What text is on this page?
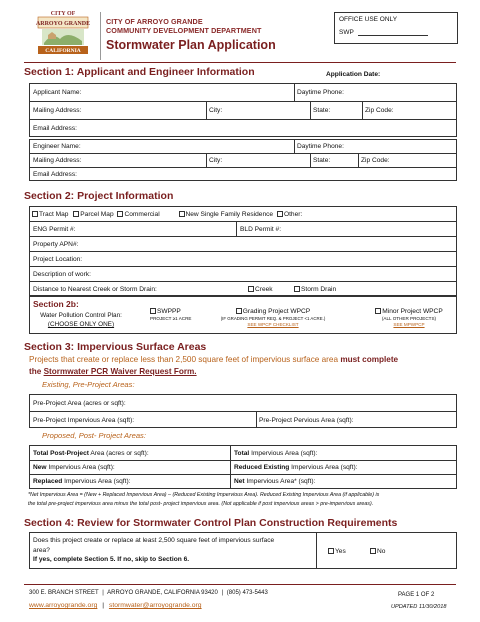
CITY OF
ARROYO GRANDE
CALIFORNIA
CITY OF ARROYO GRANDE
COMMUNITY DEVELOPMENT DEPARTMENT
Stormwater Plan Application
OFFICE USE ONLY
SWP
Section 1: Applicant and Engineer Information	Application Date:
Applicant Name:	Daytime Phone:
Mailing Address:	City:	State:	Zip Code:
Email Address:
Engineer Name:	Daytime Phone:
Mailing Address:	City:	State:	Zip Code:
Email Address:
Section 2: Project Information
Tract Map Parcel Map Commercial	New Single Family Residence Other:
ENG Permit #:	BLD Permit #:
Property APN#:
Project Location:
Description of work:
Distance to Nearest Creek or Storm Drain:	Creek	Storm Drain
Section 2b:
Water Pollution Control Plan:
(CHOOSE ONLY ONE)
SWPPP
PROJECT ≥1 ACRE
Grading Project WPCP
(IF GRADING PERMIT REQ. & PROJECT <1 ACRE.)
SEE WPCP CHECKLIST
Minor Project WPCP
(ALL OTHER PROJECTS)
SEE MPWPCP
Section 3: Impervious Surface Areas
Projects that create or replace less than 2,500 square feet of impervious surface area must complete
the Stormwater PCR Waiver Request Form.
Existing, Pre-Project Areas:
Pre-Project Area (acres or sqft):
Pre-Project Impervious Area (sqft):	Pre-Project Pervious Area (sqft):
Proposed, Post- Project Areas:
Total Post-Project Area (acres or sqft):	Total Impervious Area (sqft):
New Impervious Area (sqft):	Reduced Existing Impervious Area (sqft):
Replaced Impervious Area (sqft):	Net Impervious Area* (sqft):
*Net Impervious Area = (New + Replaced Impervious Area) – (Reduced Existing Impervious Area). Reduced Existing Impervious Area (if applicable) is
the total pre-project impervious area minus the total post- project impervious area. (Not applicable if post impervious areas > pre-impervious areas).
Section 4: Review for Stormwater Control Plan Construction Requirements
Does this project create or replace at least 2,500 square feet of impervious surface
area?
If yes, complete Section 5. If no, skip to Section 6.
Yes	No
300 E. BRANCH STREET | ARROYO GRANDE, CALIFORNIA 93420 | (805) 473-5443
www.arroyogrande.org | stormwater@arroyogrande.org
PAGE 1 OF 2
UPDATED 11/30/2018
